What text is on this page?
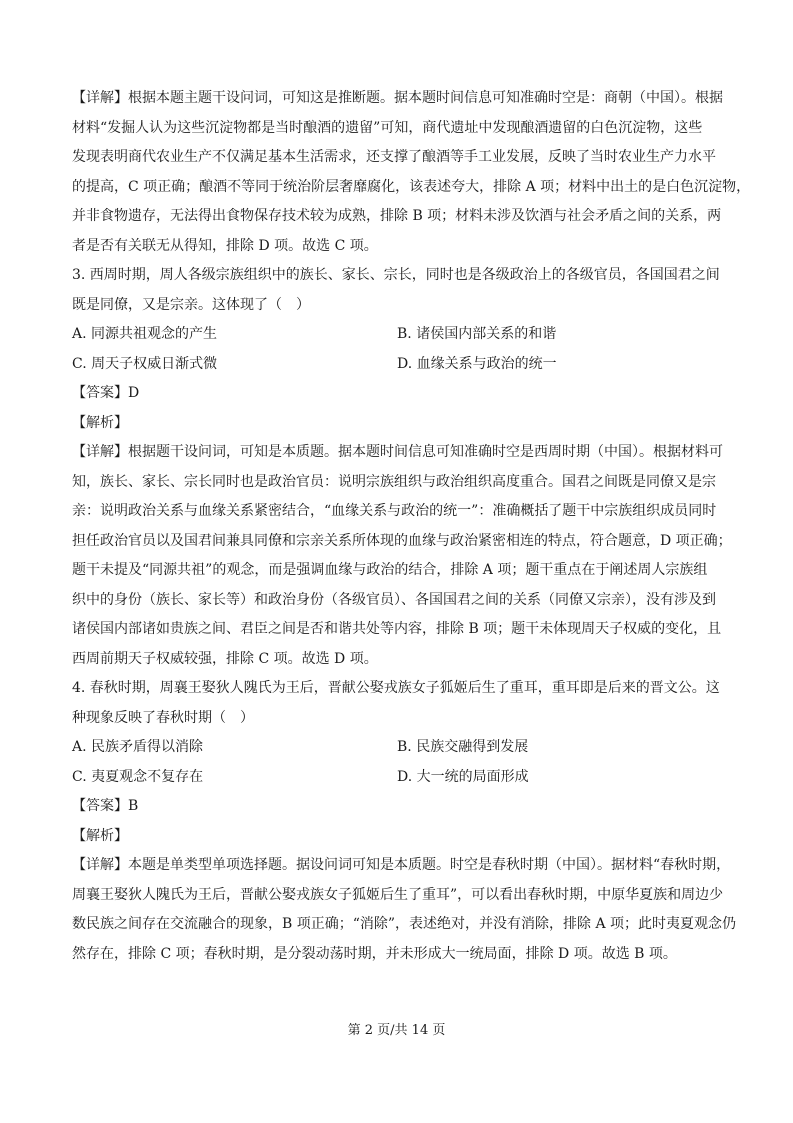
【详解】根据本题主题干设问词，可知这是推断题。据本题时间信息可知准确时空是：商朝（中国）。根据
材料“发掘人认为这些沉淀物都是当时酿酒的遗留”可知，商代遗址中发现酿酒遗留的白色沉淀物，这些
发现表明商代农业生产不仅满足基本生活需求，还支撑了酿酒等手工业发展，反映了当时农业生产力水平
的提高，C 项正确；酿酒不等同于统治阶层奢靡腐化，该表述夸大，排除 A 项；材料中出土的是白色沉淀物，
并非食物遗存，无法得出食物保存技术较为成熟，排除 B 项；材料未涉及饮酒与社会矛盾之间的关系，两
者是否有关联无从得知，排除 D 项。故选 C 项。
3. 西周时期，周人各级宗族组织中的族长、家长、宗长，同时也是各级政治上的各级官员，各国国君之间
既是同僚，又是宗亲。这体现了（　）
A. 同源共祖观念的产生	B. 诸侯国内部关系的和谐
C. 周天子权威日渐式微	D. 血缘关系与政治的统一

【答案】D

【解析】

【详解】根据题干设问词，可知是本质题。据本题时间信息可知准确时空是西周时期（中国）。根据材料可
知，族长、家长、宗长同时也是政治官员：说明宗族组织与政治组织高度重合。国君之间既是同僚又是宗
亲：说明政治关系与血缘关系紧密结合，“血缘关系与政治的统一”：准确概括了题干中宗族组织成员同时
担任政治官员以及国君间兼具同僚和宗亲关系所体现的血缘与政治紧密相连的特点，符合题意，D 项正确；
题干未提及“同源共祖”的观念，而是强调血缘与政治的结合，排除 A 项；题干重点在于阐述周人宗族组
织中的身份（族长、家长等）和政治身份（各级官员）、各国国君之间的关系（同僚又宗亲），没有涉及到
诸侯国内部诸如贵族之间、君臣之间是否和谐共处等内容，排除 B 项；题干未体现周天子权威的变化，且
西周前期天子权威较强，排除 C 项。故选 D 项。
4. 春秋时期，周襄王娶狄人隗氏为王后，晋献公娶戎族女子狐姬后生了重耳，重耳即是后来的晋文公。这
种现象反映了春秋时期（　）
A. 民族矛盾得以消除	B. 民族交融得到发展
C. 夷夏观念不复存在	D. 大一统的局面形成

【答案】B

【解析】

【详解】本题是单类型单项选择题。据设问词可知是本质题。时空是春秋时期（中国）。据材料“春秋时期，
周襄王娶狄人隗氏为王后，晋献公娶戎族女子狐姬后生了重耳”，可以看出春秋时期，中原华夏族和周边少
数民族之间存在交流融合的现象，B 项正确；“消除”，表述绝对，并没有消除，排除 A 项；此时夷夏观念仍
然存在，排除 C 项；春秋时期，是分裂动荡时期，并未形成大一统局面，排除 D 项。故选 B 项。
第 2 页/共 14 页
